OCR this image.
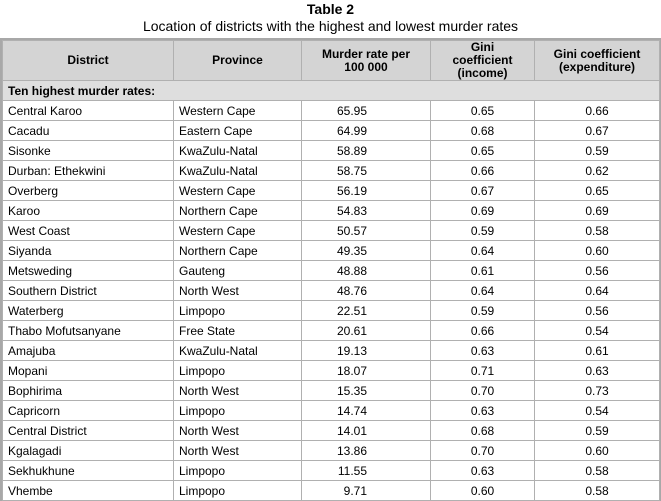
Table 2
Location of districts with the highest and lowest murder rates
District	Province	Murder rate per 100 000	Gini coefficient (income)	Gini coefficient (expenditure)
Ten highest murder rates:				
Central Karoo	Western Cape	65.95	0.65	0.66
Cacadu	Eastern Cape	64.99	0.68	0.67
Sisonke	KwaZulu-Natal	58.89	0.65	0.59
Durban: Ethekwini	KwaZulu-Natal	58.75	0.66	0.62
Overberg	Western Cape	56.19	0.67	0.65
Karoo	Northern Cape	54.83	0.69	0.69
West Coast	Western Cape	50.57	0.59	0.58
Siyanda	Northern Cape	49.35	0.64	0.60
Metsweding	Gauteng	48.88	0.61	0.56
Southern District	North West	48.76	0.64	0.64
Waterberg	Limpopo	22.51	0.59	0.56
Thabo Mofutsanyane	Free State	20.61	0.66	0.54
Amajuba	KwaZulu-Natal	19.13	0.63	0.61
Mopani	Limpopo	18.07	0.71	0.63
Bophirima	North West	15.35	0.70	0.73
Capricorn	Limpopo	14.74	0.63	0.54
Central District	North West	14.01	0.68	0.59
Kgalagadi	North West	13.86	0.70	0.60
Sekhukhune	Limpopo	11.55	0.63	0.58
Vhembe	Limpopo	9.71	0.60	0.58
